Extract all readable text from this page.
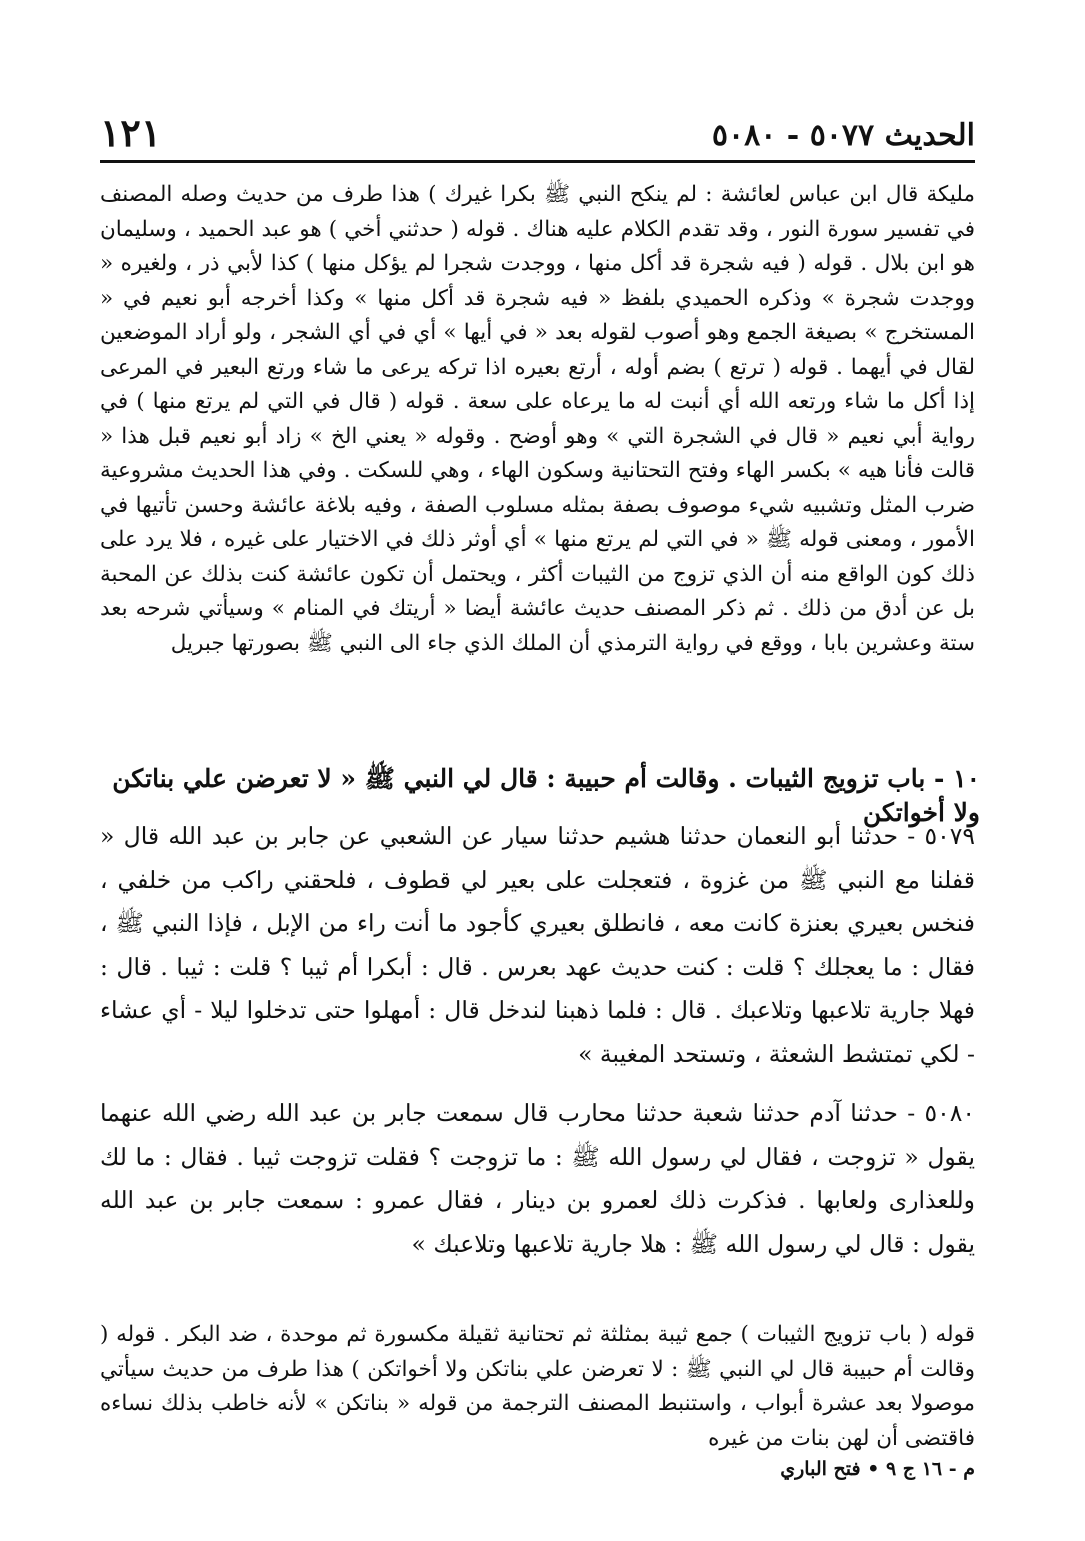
الحديث ٥٠٧٧ - ٥٠٨٠
١٢١
مليكة قال ابن عباس لعائشة : لم ينكح النبي ﷺ بكرا غيرك ) هذا طرف من حديث وصله المصنف في تفسير سورة النور ، وقد تقدم الكلام عليه هناك . قوله ( حدثني أخي ) هو عبد الحميد ، وسليمان هو ابن بلال . قوله ( فيه شجرة قد أكل منها ، ووجدت شجرا لم يؤكل منها ) كذا لأبي ذر ، ولغيره « ووجدت شجرة » وذكره الحميدي بلفظ « فيه شجرة قد أكل منها » وكذا أخرجه أبو نعيم في « المستخرج » بصيغة الجمع وهو أصوب لقوله بعد « في أيها » أي في أي الشجر ، ولو أراد الموضعين لقال في أيهما . قوله ( ترتع ) بضم أوله ، أرتع بعيره اذا تركه يرعى ما شاء ورتع البعير في المرعى إذا أكل ما شاء ورتعه الله أي أنبت له ما يرعاه على سعة . قوله ( قال في التي لم يرتع منها ) في رواية أبي نعيم « قال في الشجرة التي » وهو أوضح . وقوله « يعني الخ » زاد أبو نعيم قبل هذا « قالت فأنا هيه » بكسر الهاء وفتح التحتانية وسكون الهاء ، وهي للسكت . وفي هذا الحديث مشروعية ضرب المثل وتشبيه شيء موصوف بصفة بمثله مسلوب الصفة ، وفيه بلاغة عائشة وحسن تأتيها في الأمور ، ومعنى قوله ﷺ « في التي لم يرتع منها » أي أوثر ذلك في الاختيار على غيره ، فلا يرد على ذلك كون الواقع منه أن الذي تزوج من الثيبات أكثر ، ويحتمل أن تكون عائشة كنت بذلك عن المحبة بل عن أدق من ذلك . ثم ذكر المصنف حديث عائشة أيضا « أريتك في المنام » وسيأتي شرحه بعد ستة وعشرين بابا ، ووقع في رواية الترمذي أن الملك الذي جاء الى النبي ﷺ بصورتها جبريل
١٠ - باب تزويج الثيبات . وقالت أم حبيبة : قال لي النبي ﷺ « لا تعرضن علي بناتكن ولا أخواتكن
٥٠٧٩ - حدثنا أبو النعمان حدثنا هشيم حدثنا سيار عن الشعبي عن جابر بن عبد الله قال « قفلنا مع النبي ﷺ من غزوة ، فتعجلت على بعير لي قطوف ، فلحقني راكب من خلفي ، فنخس بعيري بعنزة كانت معه ، فانطلق بعيري كأجود ما أنت راء من الإبل ، فإذا النبي ﷺ ، فقال : ما يعجلك ؟ قلت : كنت حديث عهد بعرس . قال : أبكرا أم ثيبا ؟ قلت : ثيبا . قال : فهلا جارية تلاعبها وتلاعبك . قال : فلما ذهبنا لندخل قال : أمهلوا حتى تدخلوا ليلا - أي عشاء - لكي تمتشط الشعثة ، وتستحد المغيبة »
٥٠٨٠ - حدثنا آدم حدثنا شعبة حدثنا محارب قال سمعت جابر بن عبد الله رضي الله عنهما يقول « تزوجت ، فقال لي رسول الله ﷺ : ما تزوجت ؟ فقلت تزوجت ثيبا . فقال : ما لك وللعذارى ولعابها . فذكرت ذلك لعمرو بن دينار ، فقال عمرو : سمعت جابر بن عبد الله يقول : قال لي رسول الله ﷺ : هلا جارية تلاعبها وتلاعبك »
قوله ( باب تزويج الثيبات ) جمع ثيبة بمثلثة ثم تحتانية ثقيلة مكسورة ثم موحدة ، ضد البكر . قوله ( وقالت أم حبيبة قال لي النبي ﷺ : لا تعرضن علي بناتكن ولا أخواتكن ) هذا طرف من حديث سيأتي موصولا بعد عشرة أبواب ، واستنبط المصنف الترجمة من قوله « بناتكن » لأنه خاطب بذلك نساءه فاقتضى أن لهن بنات من غيره
م - ١٦ ج ٩ • فتح الباري
